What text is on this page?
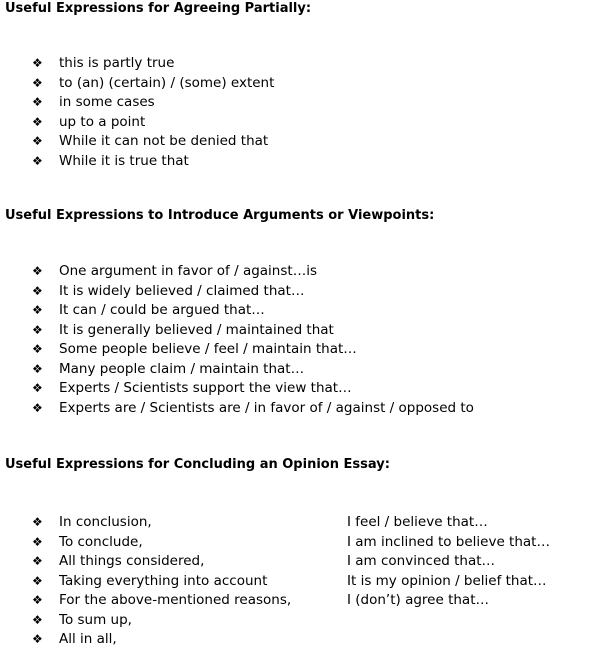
Useful Expressions for Agreeing Partially:
❖ this is partly true
❖ to (an) (certain) / (some) extent
❖ in some cases
❖ up to a point
❖ While it can not be denied that
❖ While it is true that
Useful Expressions to Introduce Arguments or Viewpoints:
❖ One argument in favor of / against…is
❖ It is widely believed / claimed that…
❖ It can / could be argued that…
❖ It is generally believed / maintained that
❖ Some people believe / feel / maintain that…
❖ Many people claim / maintain that…
❖ Experts / Scientists support the view that…
❖ Experts are / Scientists are / in favor of / against / opposed to
Useful Expressions for Concluding an Opinion Essay:
❖ In conclusion,	I feel / believe that…
❖ To conclude,	I am inclined to believe that…
❖ All things considered,	I am convinced that…
❖ Taking everything into account	It is my opinion / belief that…
❖ For the above-mentioned reasons,	I (don’t) agree that…
❖ To sum up,
❖ All in all,
